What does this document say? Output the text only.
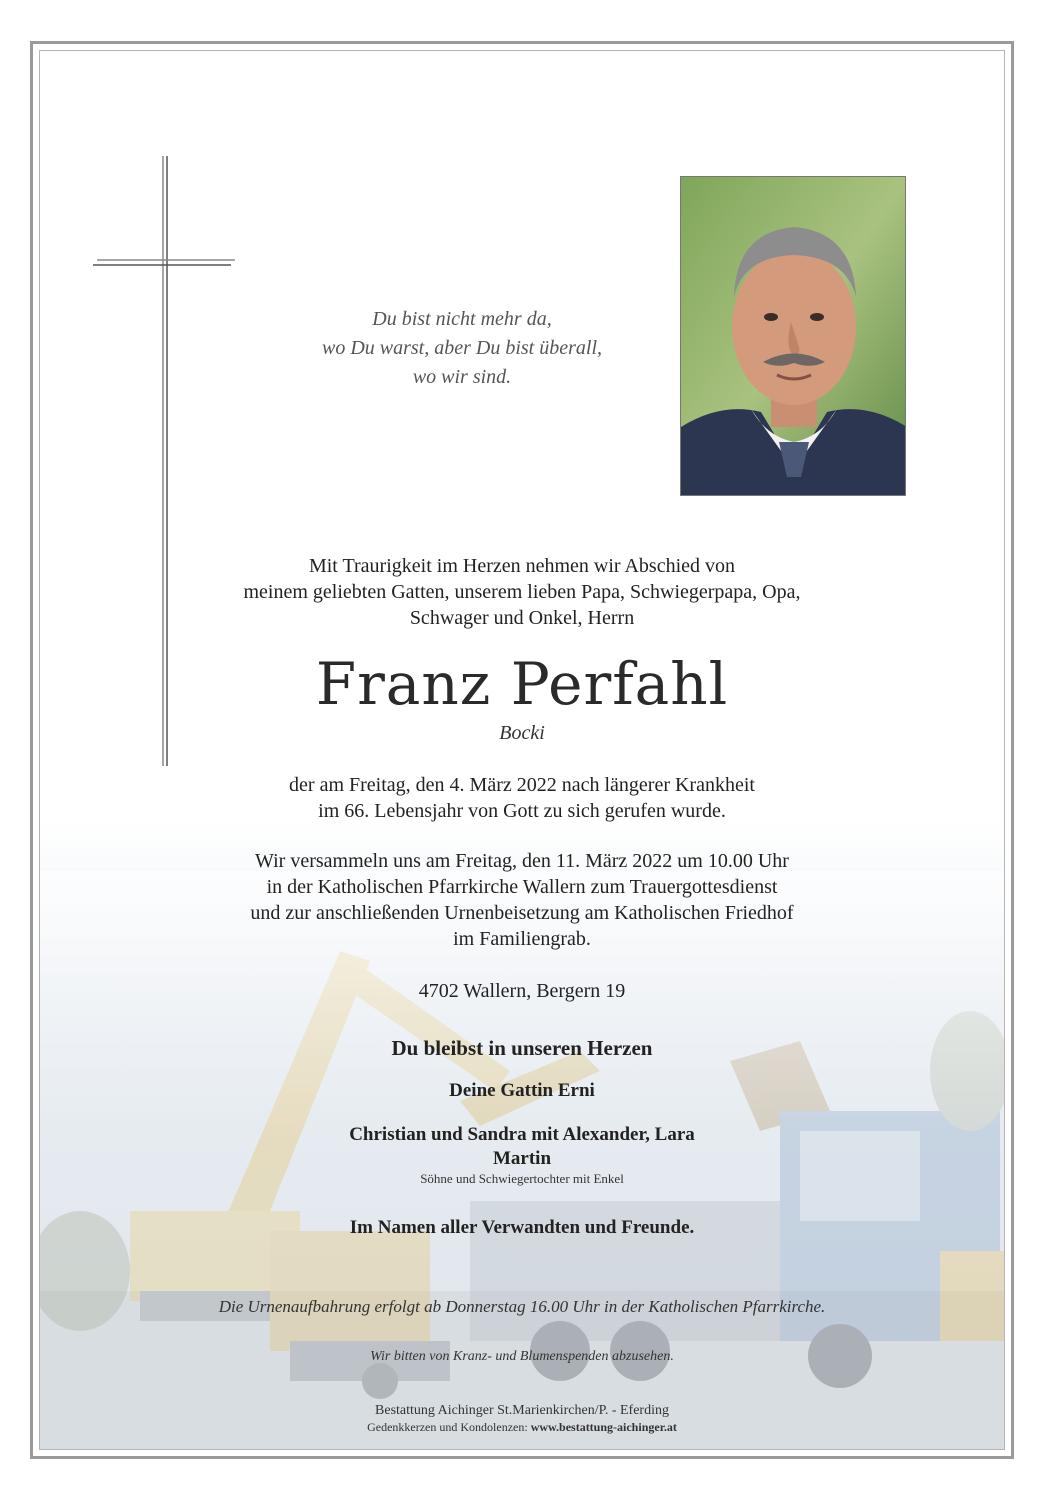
Du bist nicht mehr da,
wo Du warst, aber Du bist überall,
wo wir sind.
Mit Traurigkeit im Herzen nehmen wir Abschied von
meinem geliebten Gatten, unserem lieben Papa, Schwiegerpapa, Opa,
Schwager und Onkel, Herrn
Franz Perfahl
Bocki
der am Freitag, den 4. März 2022 nach längerer Krankheit
im 66. Lebensjahr von Gott zu sich gerufen wurde.
Wir versammeln uns am Freitag, den 11. März 2022 um 10.00 Uhr
in der Katholischen Pfarrkirche Wallern zum Trauergottesdienst
und zur anschließenden Urnenbeisetzung am Katholischen Friedhof
im Familiengrab.
4702 Wallern, Bergern 19
Du bleibst in unseren Herzen
Deine Gattin Erni
Christian und Sandra mit Alexander, Lara
Martin
Söhne und Schwiegertochter mit Enkel
Im Namen aller Verwandten und Freunde.
Die Urnenaufbahrung erfolgt ab Donnerstag 16.00 Uhr in der Katholischen Pfarrkirche.
Wir bitten von Kranz- und Blumenspenden abzusehen.
Bestattung Aichinger St.Marienkirchen/P. - Eferding
Gedenkkerzen und Kondolenzen: www.bestattung-aichinger.at
